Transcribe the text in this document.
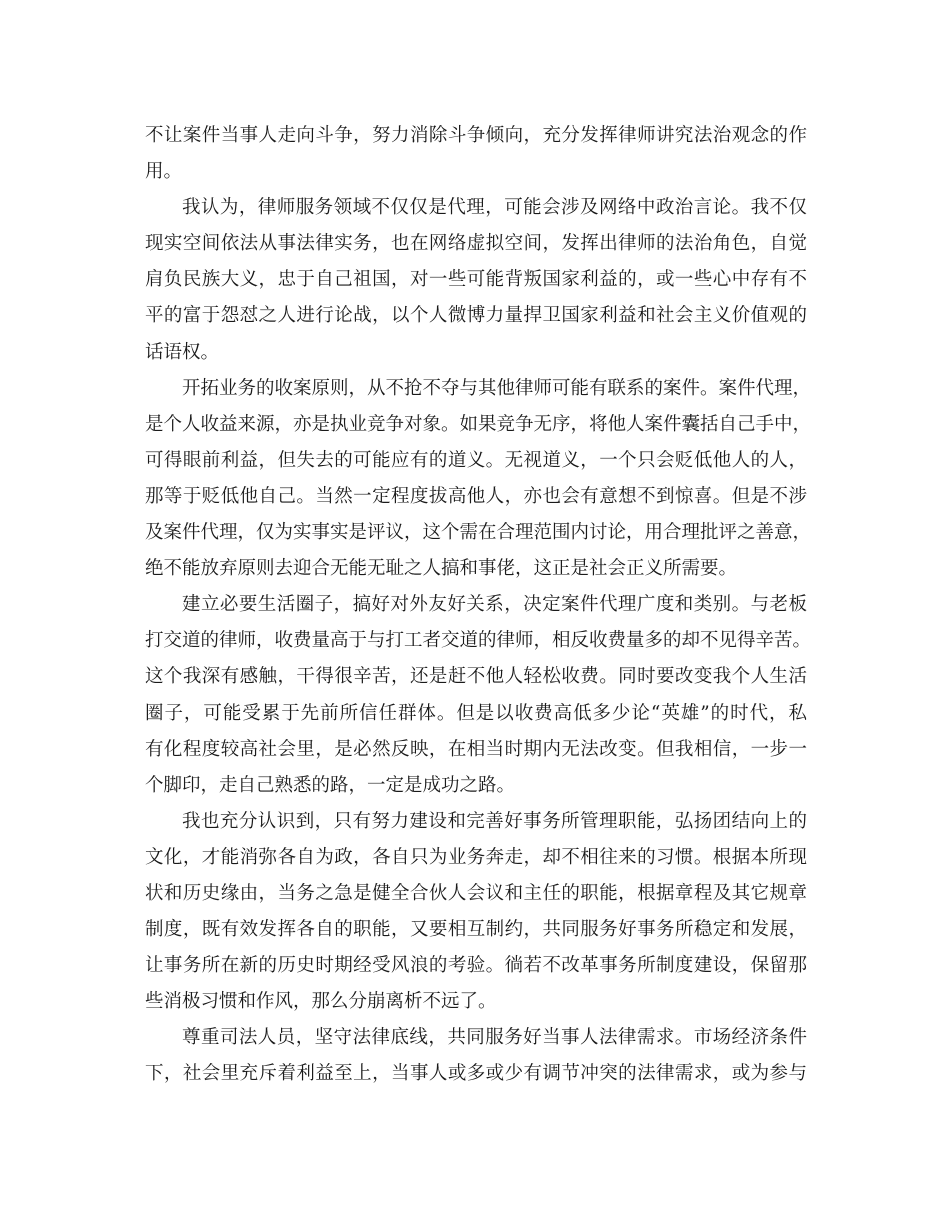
不让案件当事人走向斗争，努力消除斗争倾向，充分发挥律师讲究法治观念的作
用。
我认为，律师服务领域不仅仅是代理，可能会涉及网络中政治言论。我不仅
现实空间依法从事法律实务，也在网络虚拟空间，发挥出律师的法治角色，自觉
肩负民族大义，忠于自己祖国，对一些可能背叛国家利益的，或一些心中存有不
平的富于怨怼之人进行论战，以个人微博力量捍卫国家利益和社会主义价值观的
话语权。
开拓业务的收案原则，从不抢不夺与其他律师可能有联系的案件。案件代理，
是个人收益来源，亦是执业竞争对象。如果竞争无序，将他人案件囊括自己手中，
可得眼前利益，但失去的可能应有的道义。无视道义，一个只会贬低他人的人，
那等于贬低他自己。当然一定程度拔高他人，亦也会有意想不到惊喜。但是不涉
及案件代理，仅为实事实是评议，这个需在合理范围内讨论，用合理批评之善意，
绝不能放弃原则去迎合无能无耻之人搞和事佬，这正是社会正义所需要。
建立必要生活圈子，搞好对外友好关系，决定案件代理广度和类别。与老板
打交道的律师，收费量高于与打工者交道的律师，相反收费量多的却不见得辛苦。
这个我深有感触，干得很辛苦，还是赶不他人轻松收费。同时要改变我个人生活
圈子，可能受累于先前所信任群体。但是以收费高低多少论“英雄”的时代，私
有化程度较高社会里，是必然反映，在相当时期内无法改变。但我相信，一步一
个脚印，走自己熟悉的路，一定是成功之路。
我也充分认识到，只有努力建设和完善好事务所管理职能，弘扬团结向上的
文化，才能消弥各自为政，各自只为业务奔走，却不相往来的习惯。根据本所现
状和历史缘由，当务之急是健全合伙人会议和主任的职能，根据章程及其它规章
制度，既有效发挥各自的职能，又要相互制约，共同服务好事务所稳定和发展，
让事务所在新的历史时期经受风浪的考验。徜若不改革事务所制度建设，保留那
些消极习惯和作风，那么分崩离析不远了。
尊重司法人员，坚守法律底线，共同服务好当事人法律需求。市场经济条件
下，社会里充斥着利益至上，当事人或多或少有调节冲突的法律需求，或为参与
